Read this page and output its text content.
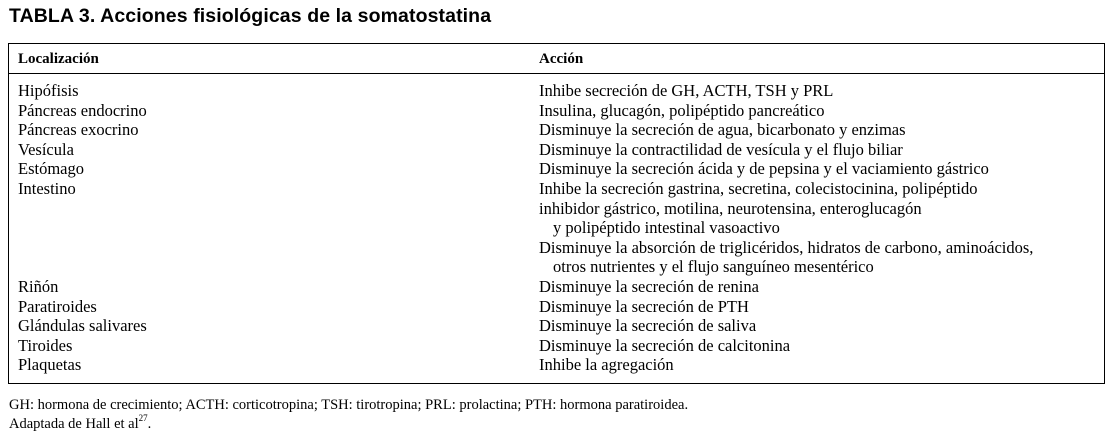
TABLA 3. Acciones fisiológicas de la somatostatina
Localización	Acción
Hipófisis	Inhibe secreción de GH, ACTH, TSH y PRL
Páncreas endocrino	Insulina, glucagón, polipéptido pancreático
Páncreas exocrino	Disminuye la secreción de agua, bicarbonato y enzimas
Vesícula	Disminuye la contractilidad de vesícula y el flujo biliar
Estómago	Disminuye la secreción ácida y de pepsina y el vaciamiento gástrico
Intestino	Inhibe la secreción gastrina, secretina, colecistocinina, polipéptido
inhibidor gástrico, motilina, neurotensina, enteroglucagón
y polipéptido intestinal vasoactivo
Disminuye la absorción de triglicéridos, hidratos de carbono, aminoácidos,
otros nutrientes y el flujo sanguíneo mesentérico
Riñón	Disminuye la secreción de renina
Paratiroides	Disminuye la secreción de PTH
Glándulas salivares	Disminuye la secreción de saliva
Tiroides	Disminuye la secreción de calcitonina
Plaquetas	Inhibe la agregación
GH: hormona de crecimiento; ACTH: corticotropina; TSH: tirotropina; PRL: prolactina; PTH: hormona paratiroidea.
Adaptada de Hall et $al^{27}$.
